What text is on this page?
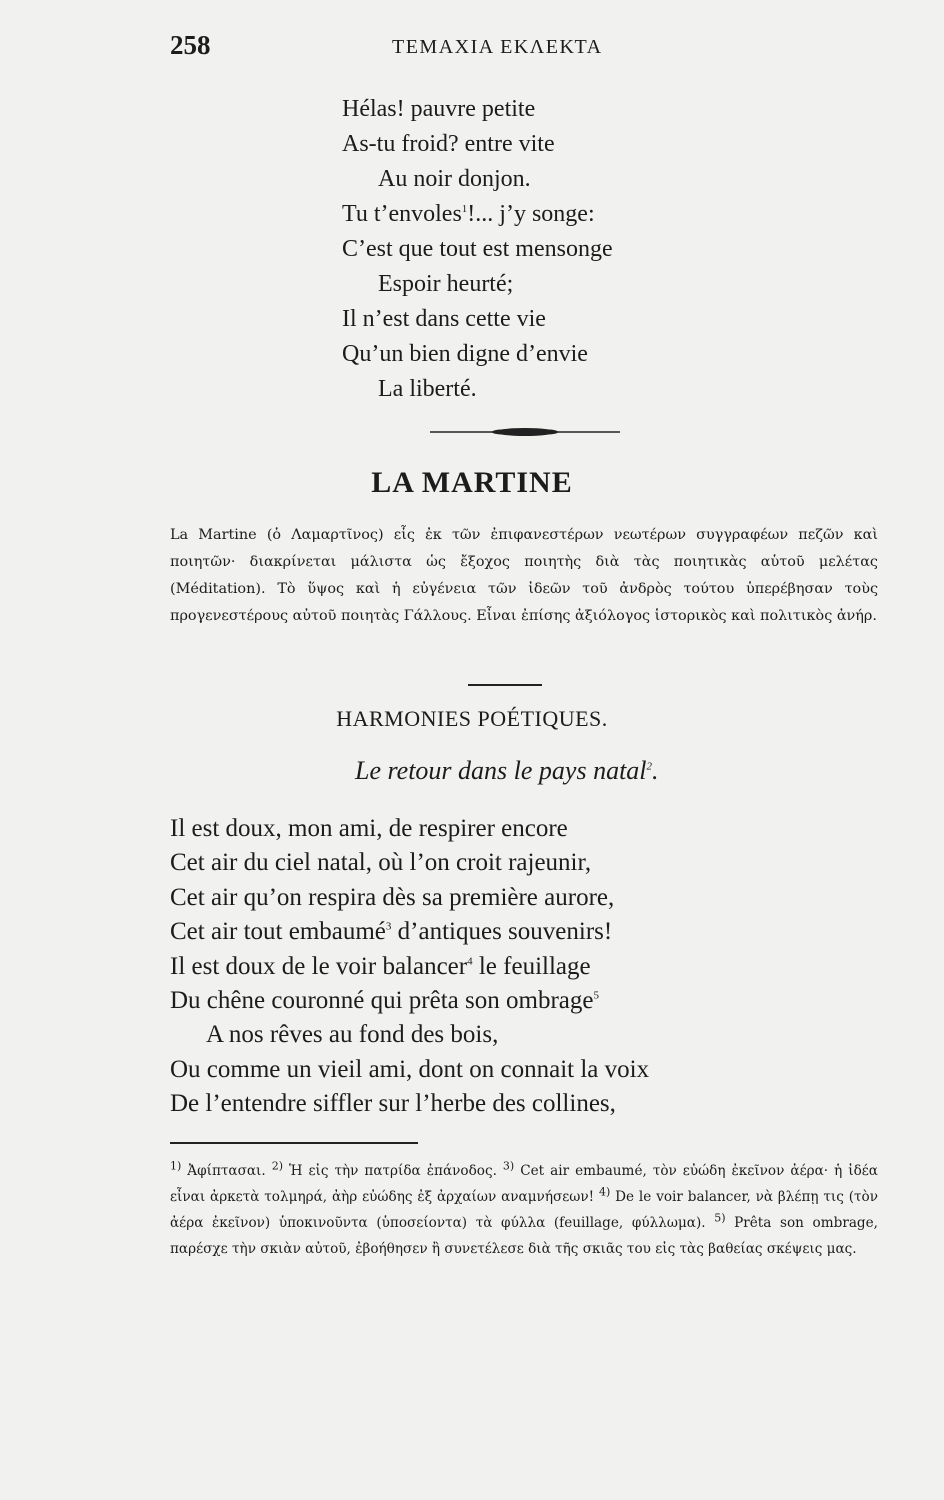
258	ΤΕΜΑΧΙΑ ΕΚΛΕΚΤΑ
Hélas! pauvre petite
As-tu froid? entre vite
Au noir donjon.
Tu t’envoles$^1$!... j’y songe:
C’est que tout est mensonge
Espoir heurté;
Il n’est dans cette vie
Qu’un bien digne d’envie
La liberté.
LA MARTINE

La Martine (ὁ Λαμαρτῖνος) εἷς ἐκ τῶν ἐπιφανεστέρων νεωτέρων συγγραφέων πεζῶν καὶ ποιητῶν· διακρίνεται μάλιστα ὡς ἔξοχος ποιητὴς διὰ τὰς ποιητικὰς αὑτοῦ μελέτας (Méditation). Τὸ ὕψος καὶ ἡ εὐγένεια τῶν ἰδεῶν τοῦ ἀνδρὸς τούτου ὑπερέβησαν τοὺς προγενεστέρους αὐτοῦ ποιητὰς Γάλλους. Εἶναι ἐπίσης ἀξιόλογος ἱστορικὸς καὶ πολιτικὸς ἀνήρ.

HARMONIES POÉTIQUES.
Le retour dans le pays natal$^2$.
Il est doux, mon ami, de respirer encore
Cet air du ciel natal, où l’on croit rajeunir,
Cet air qu’on respira dès sa première aurore,
Cet air tout embaumé$^3$ d’antiques souvenirs!
Il est doux de le voir balancer$^4$ le feuillage
Du chêne couronné qui prêta son ombrage$^5$
A nos rêves au fond des bois,
Ou comme un vieil ami, dont on connait la voix
De l’entendre siffler sur l’herbe des collines,

$^{1)}$ Ἀφίπτασαι. $^{2)}$ Ἡ εἰς τὴν πατρίδα ἐπάνοδος. $^{3)}$ Cet air embaumé, τὸν εὐώδη ἐκεῖνον ἀέρα· ἡ ἰδέα εἶναι ἀρκετὰ τολμηρά, ἀὴρ εὐώδης ἐξ ἀρχαίων αναμνήσεων! $^{4)}$ De le voir balancer, νὰ βλέπῃ τις (τὸν ἀέρα ἐκεῖνον) ὑποκινοῦντα (ὑποσείοντα) τὰ φύλλα (feuillage, φύλλωμα). $^{5)}$ Prêta son ombrage, παρέσχε τὴν σκιὰν αὐτοῦ, ἐβοήθησεν ἢ συνετέλεσε διὰ τῆς σκιᾶς του εἰς τὰς βαθείας σκέψεις μας.
